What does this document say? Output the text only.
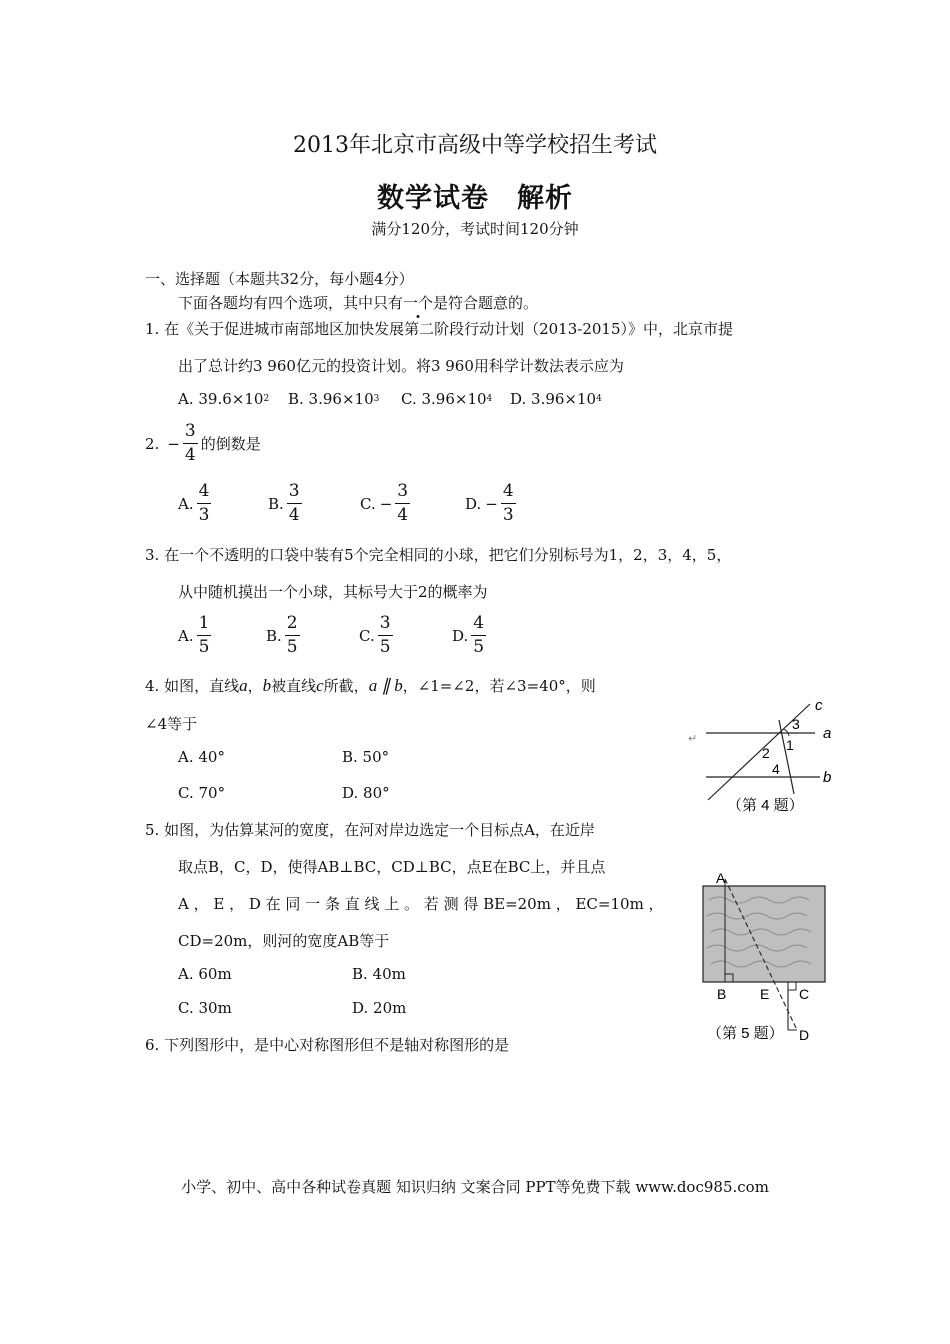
2013年北京市高级中等学校招生考试
数学试卷　解析
满分120分，考试时间120分钟
一、选择题（本题共32分，每小题4分）
下面各题均有四个选项，其中只有一个是符合题意的。
1. 在《关于促进城市南部地区加快发展第二阶段行动计划（2013-2015）》中，北京市提
出了总计约3 960亿元的投资计划。将3 960用科学计数法表示应为
A. 39.6×10 2 B. 3.96×10 3 C. 3.96×10 4 D. 3.96×10 4
2. − $\frac{3}{4}$ 的倒数是
A. $\frac{4}{3}$	B. $\frac{3}{4}$	C. − $\frac{3}{4}$	D. − $\frac{4}{3}$
3. 在一个不透明的口袋中装有5个完全相同的小球，把它们分别标号为1，2，3，4，5，
从中随机摸出一个小球，其标号大于2的概率为
A. $\frac{1}{5}$	B. $\frac{2}{5}$	C. $\frac{3}{5}$	D. $\frac{4}{5}$
4. 如图，直线a，b被直线c所截，a ∥ b，∠1=∠2，若∠3=40°，则
∠4等于
A. 40°	B. 50°
C. 70°	D. 80°
c
3
a
1
2
4	b
↵
（第 4 题）
5. 如图，为估算某河的宽度，在河对岸边选定一个目标点A，在近岸
取点B，C，D，使得AB⊥BC，CD⊥BC，点E在BC上，并且点
A ， E ， D 在 同 一 条 直 线 上 。 若 测 得 BE=20m ， EC=10m ，
CD=20m，则河的宽度AB等于
A. 60m	B. 40m
C. 30m	D. 20m
A
B E C
D
（第 5 题）
6. 下列图形中，是中心对称图形但不是轴对称图形的是
小学、初中、高中各种试卷真题 知识归纳 文案合同 PPT等免费下载 www.doc985.com
